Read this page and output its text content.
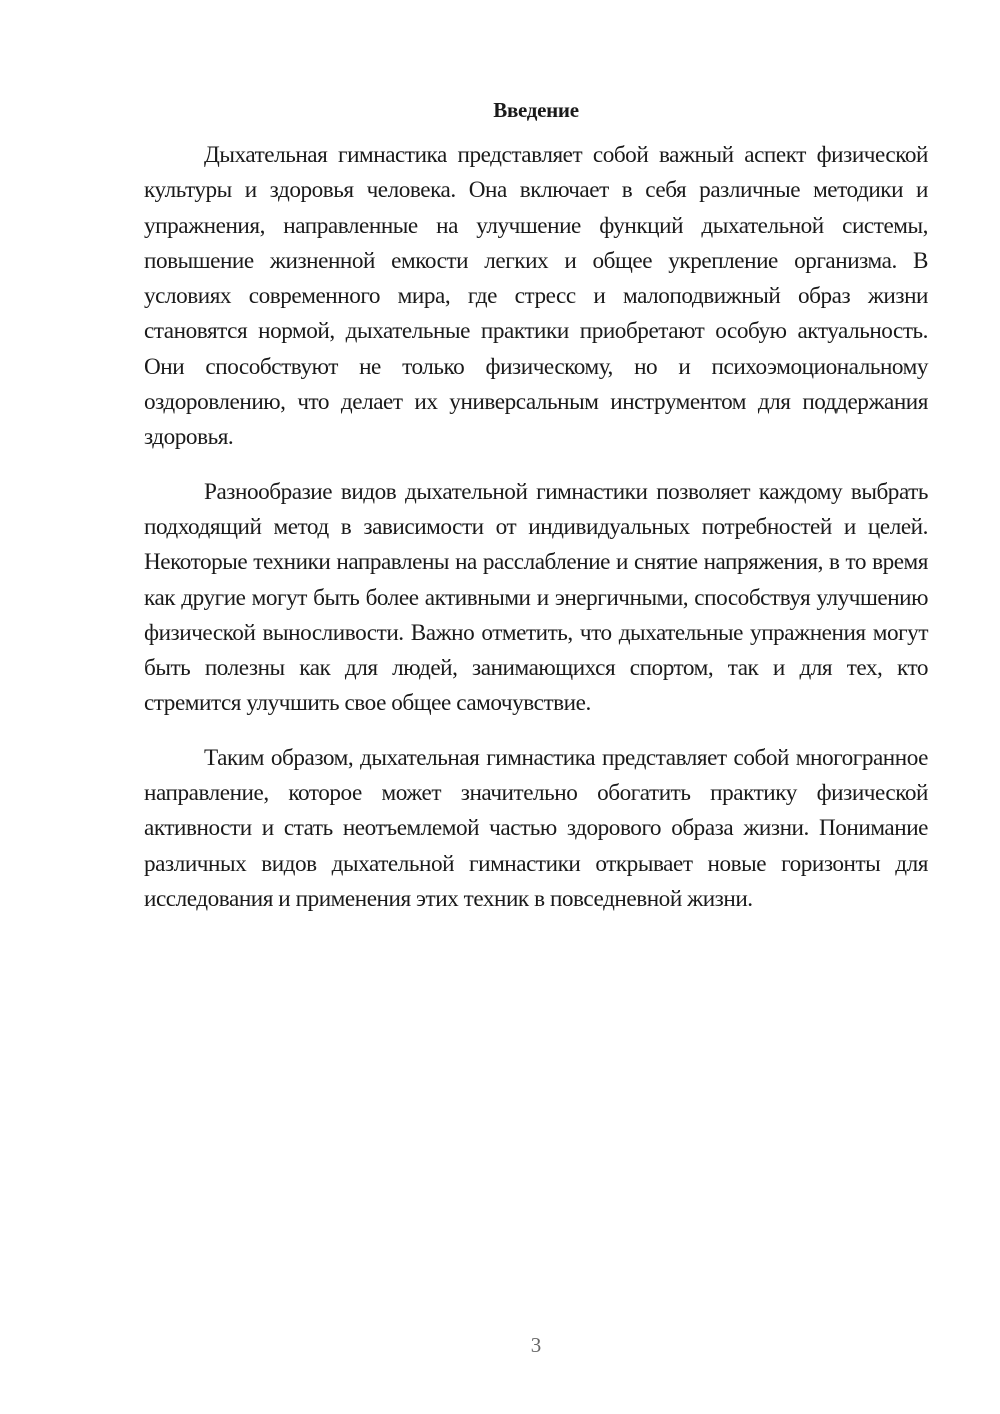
Введение

Дыхательная гимнастика представляет собой важный аспект физической культуры и здоровья человека. Она включает в себя различные методики и упражнения, направленные на улучшение функций дыхательной системы, повышение жизненной емкости легких и общее укрепление организма. В условиях современного мира, где стресс и малоподвижный образ жизни становятся нормой, дыхательные практики приобретают особую актуальность. Они способствуют не только физическому, но и психоэмоциональному оздоровлению, что делает их универсальным инструментом для поддержания здоровья.

Разнообразие видов дыхательной гимнастики позволяет каждому выбрать подходящий метод в зависимости от индивидуальных потребностей и целей. Некоторые техники направлены на расслабление и снятие напряжения, в то время как другие могут быть более активными и энергичными, способствуя улучшению физической выносливости. Важно отметить, что дыхательные упражнения могут быть полезны как для людей, занимающихся спортом, так и для тех, кто стремится улучшить свое общее самочувствие.

Таким образом, дыхательная гимнастика представляет собой многогранное направление, которое может значительно обогатить практику физической активности и стать неотъемлемой частью здорового образа жизни. Понимание различных видов дыхательной гимнастики открывает новые горизонты для исследования и применения этих техник в повседневной жизни.

3
